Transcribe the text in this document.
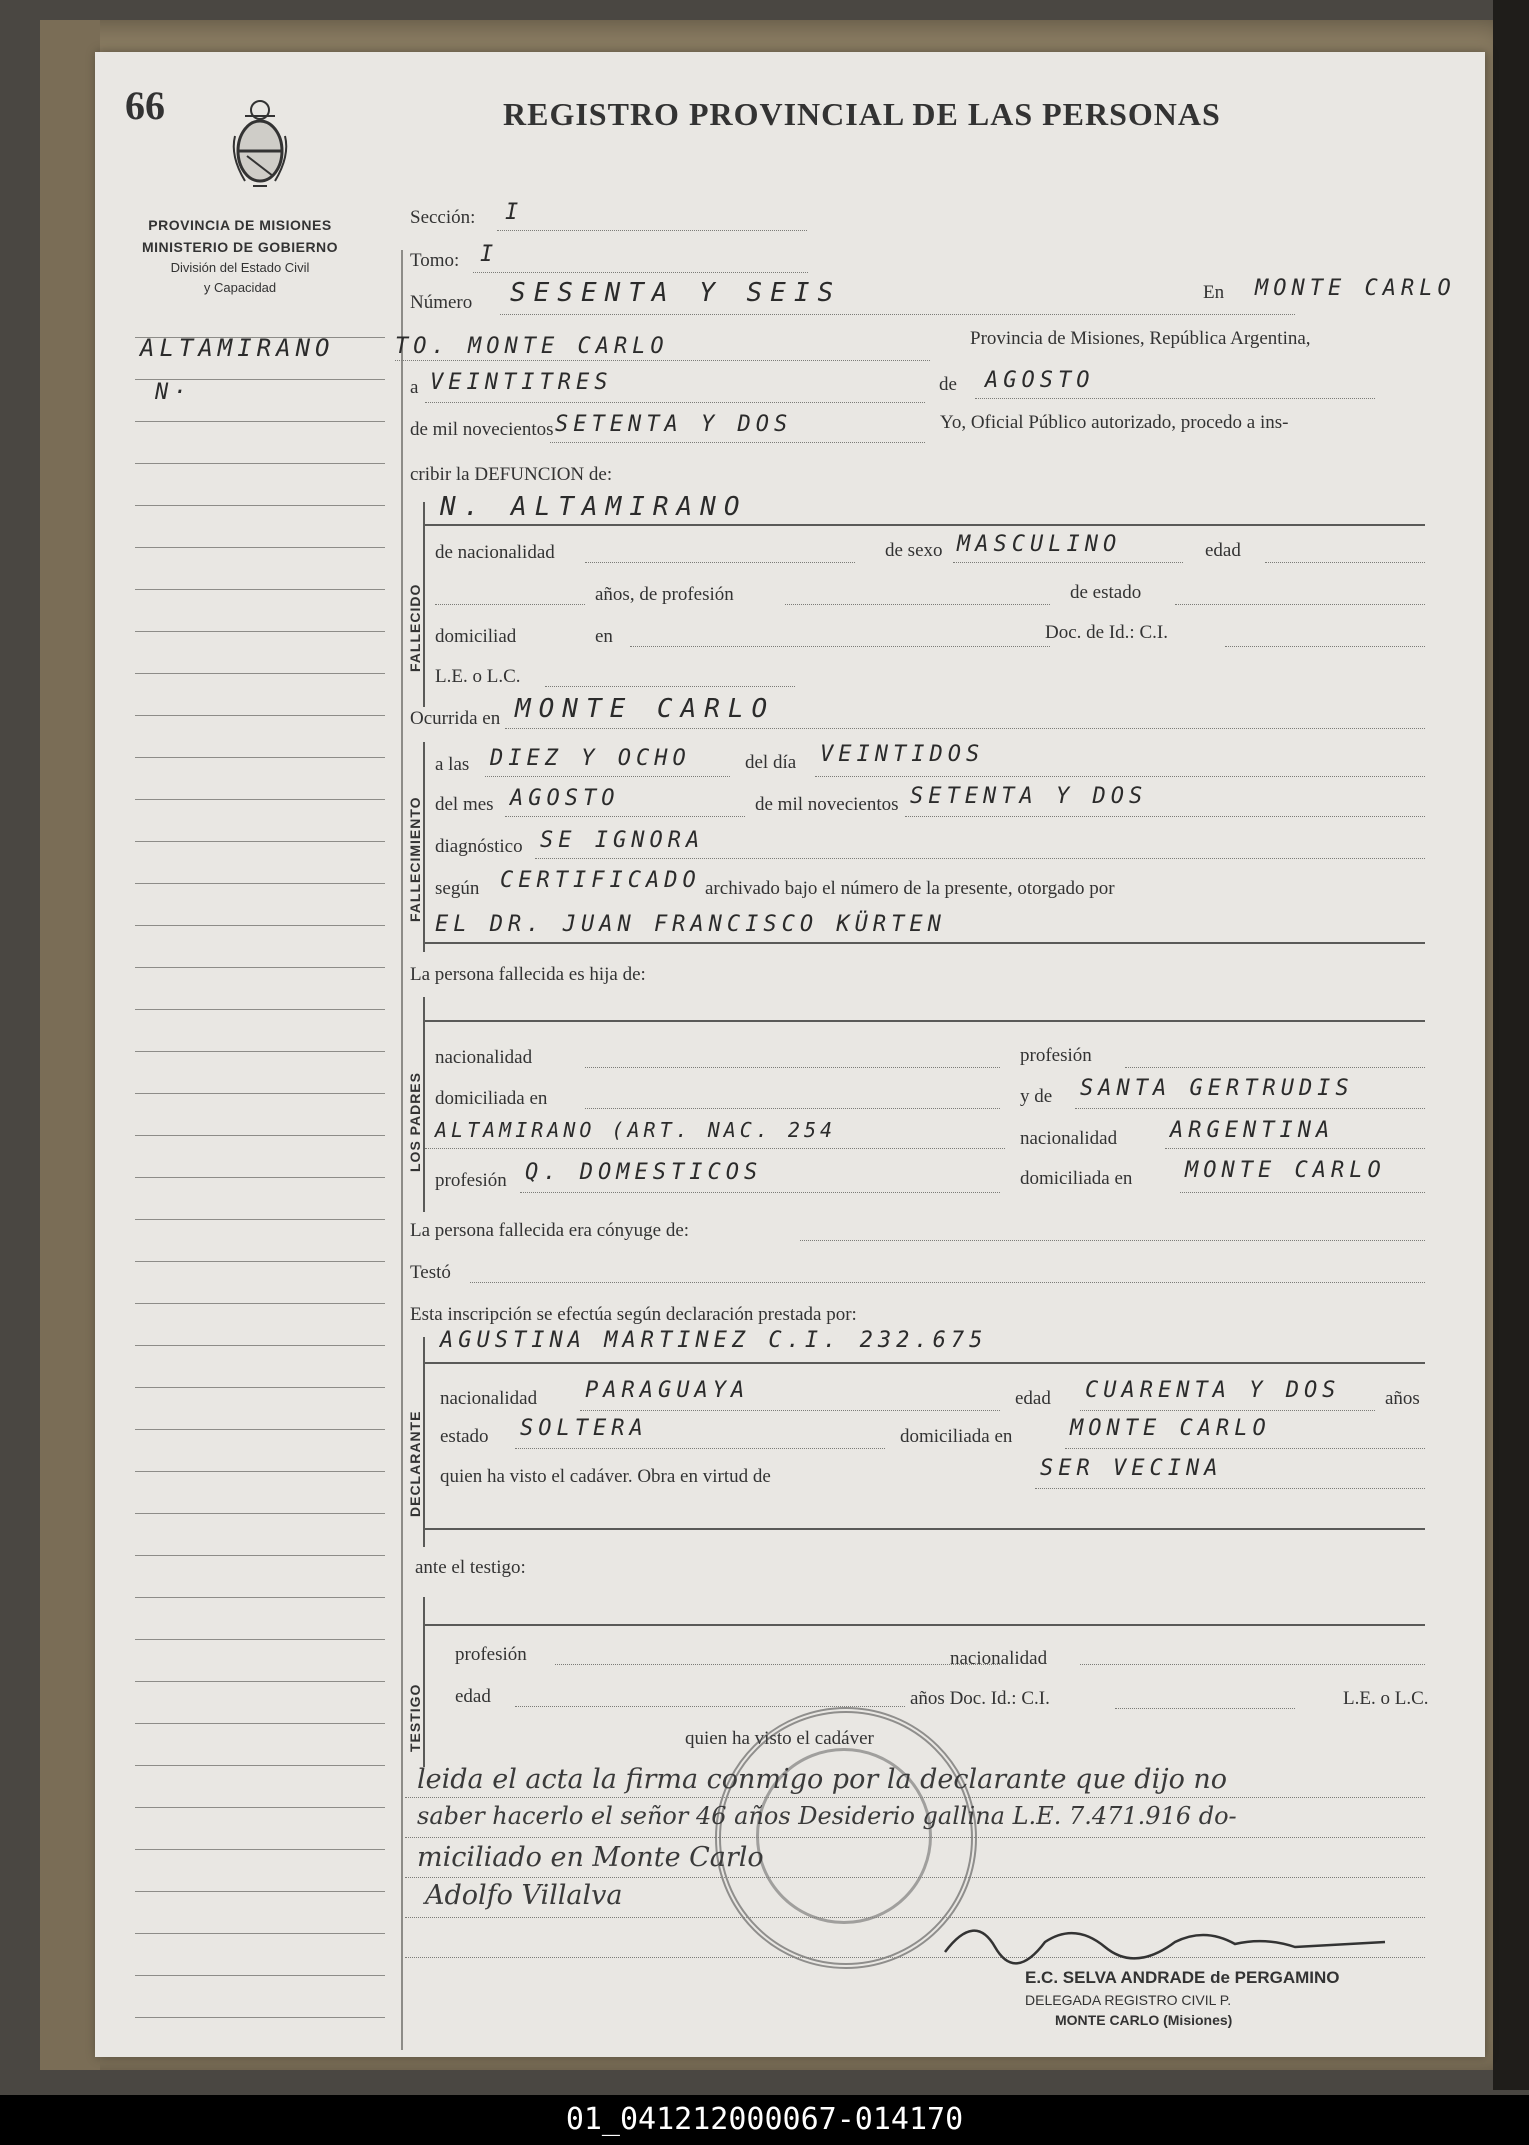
66	REGISTRO PROVINCIAL DE LAS PERSONAS
PROVINCIA DE MISIONES
MINISTERIO DE GOBIERNO
División del Estado Civil
y Capacidad
ALTAMIRANO
N·
Sección: I
Tomo: I
Número SESENTA Y SEIS	En MONTE CARLO
TO. MONTE CARLO	Provincia de Misiones, República Argentina,
a VEINTITRES	de AGOSTO
de mil novecientos SETENTA Y DOS	Yo, Oficial Público autorizado, procedo a ins-
cribir la DEFUNCION de:
FALLECIDO
N. ALTAMIRANO
de nacionalidad	de sexo MASCULINO	edad
años, de profesión	de estado
domiciliad	en	Doc. de Id.: C.I.
L.E. o L.C.
Ocurrida en MONTE CARLO
FALLECIMIENTO
a las DIEZ Y OCHO	del día VEINTIDOS
del mes AGOSTO	de mil novecientos SETENTA Y DOS
diagnóstico SE IGNORA
según CERTIFICADO archivado bajo el número de la presente, otorgado por
EL DR. JUAN FRANCISCO KÜRTEN
La persona fallecida es hija de:
LOS PADRES
nacionalidad	profesión
domiciliada en	y de SANTA GERTRUDIS
ALTAMIRANO (ART. NAC. 254	nacionalidad ARGENTINA
profesión Q. DOMESTICOS	domiciliada en MONTE CARLO
La persona fallecida era cónyuge de:
Testó
Esta inscripción se efectúa según declaración prestada por:
DECLARANTE
AGUSTINA MARTINEZ C.I. 232.675
nacionalidad PARAGUAYA	edad CUARENTA Y DOS años
estado SOLTERA	domiciliada en	MONTE CARLO
quien ha visto el cadáver. Obra en virtud de	SER VECINA
ante el testigo:
TESTIGO
profesión	nacionalidad
edad	años Doc. Id.: C.I.	L.E. o L.C.
quien ha visto el cadáver
leida el acta la firma conmigo por la declarante que dijo no
saber hacerlo el señor 46 años Desiderio gallina L.E. 7.471.916 do-
miciliado en Monte Carlo
Adolfo Villalva
E.C. SELVA ANDRADE de PERGAMINO
DELEGADA REGISTRO CIVIL P.
MONTE CARLO (Misiones)
01_041212000067-014170
